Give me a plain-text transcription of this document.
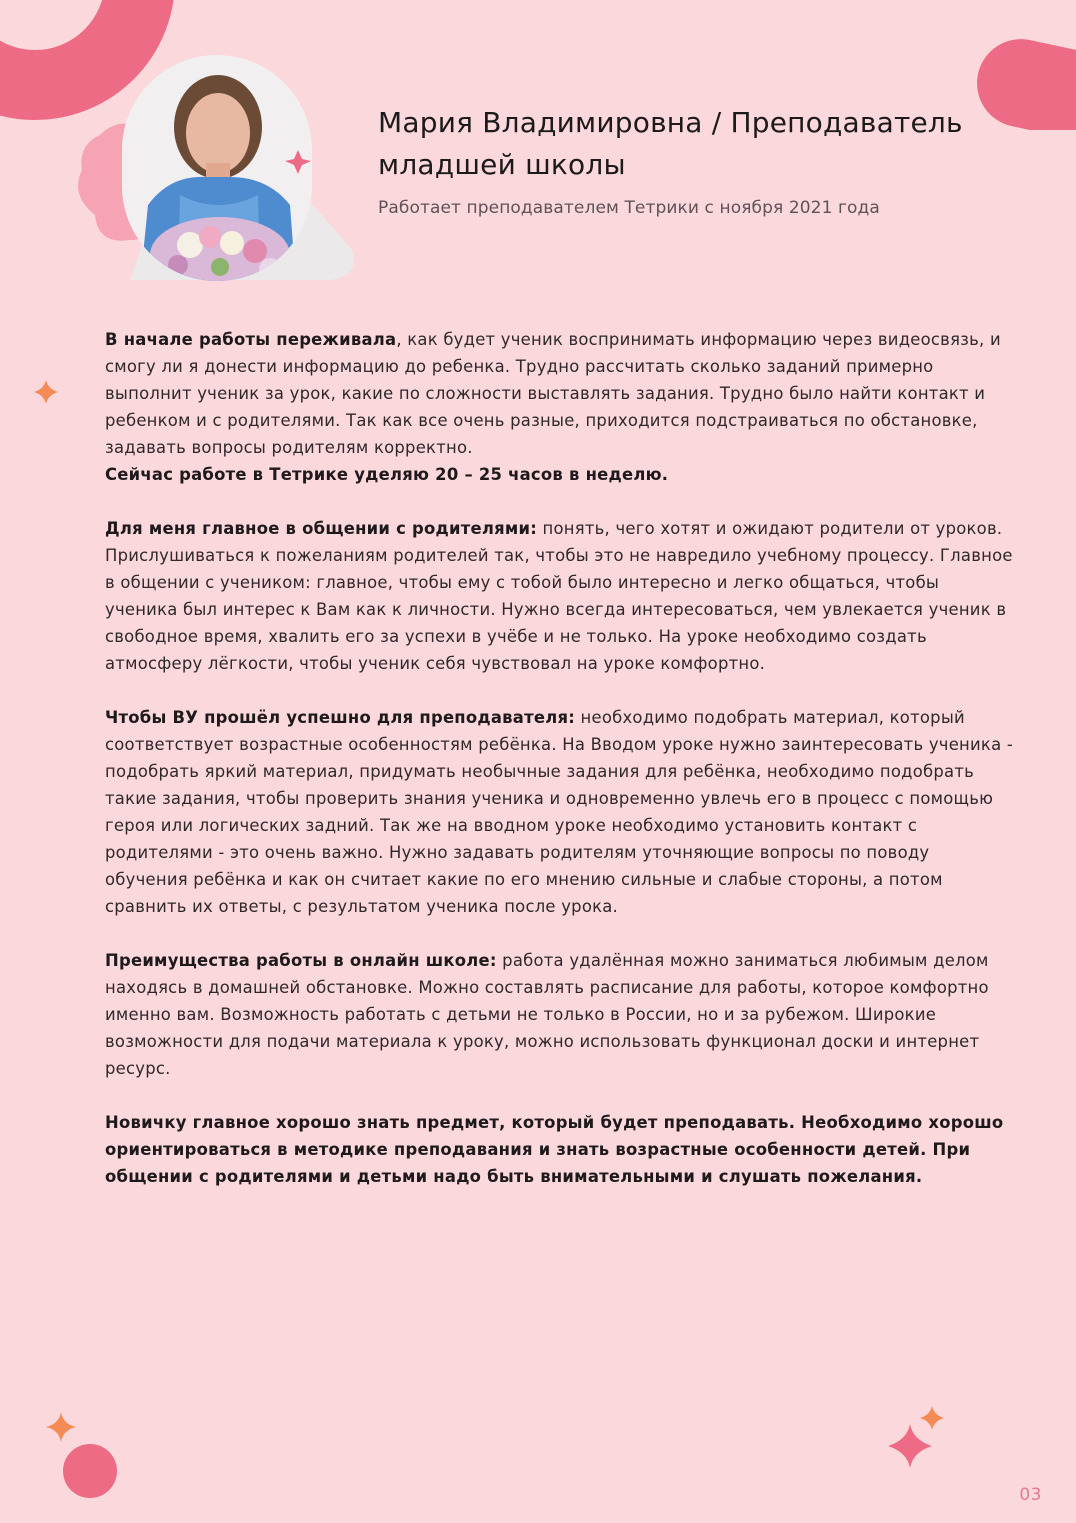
Мария Владимировна / Преподаватель младшей школы
Работает преподавателем Тетрики с ноября 2021 года

В начале работы переживала, как будет ученик воспринимать информацию через видеосвязь, и смогу ли я донести информацию до ребенка. Трудно рассчитать сколько заданий примерно выполнит ученик за урок, какие по сложности выставлять задания. Трудно было найти контакт и ребенком и с родителями. Так как все очень разные, приходится подстраиваться по обстановке, задавать вопросы родителям корректно.
Сейчас работе в Тетрике уделяю 20 – 25 часов в неделю.

Для меня главное в общении с родителями: понять, чего хотят и ожидают родители от уроков. Прислушиваться к пожеланиям родителей так, чтобы это не навредило учебному процессу. Главное в общении с учеником: главное, чтобы ему с тобой было интересно и легко общаться, чтобы ученика был интерес к Вам как к личности. Нужно всегда интересоваться, чем увлекается ученик в свободное время, хвалить его за успехи в учёбе и не только. На уроке необходимо создать атмосферу лёгкости, чтобы ученик себя чувствовал на уроке комфортно.

Чтобы ВУ прошёл успешно для преподавателя: необходимо подобрать материал, который соответствует возрастные особенностям ребёнка. На Вводом уроке нужно заинтересовать ученика - подобрать яркий материал, придумать необычные задания для ребёнка, необходимо подобрать такие задания, чтобы проверить знания ученика и одновременно увлечь его в процесс с помощью героя или логических задний. Так же на вводном уроке необходимо установить контакт с родителями - это очень важно. Нужно задавать родителям уточняющие вопросы по поводу обучения ребёнка и как он считает какие по его мнению сильные и слабые стороны, а потом сравнить их ответы, с результатом ученика после урока.

Преимущества работы в онлайн школе: работа удалённая можно заниматься любимым делом находясь в домашней обстановке. Можно составлять расписание для работы, которое комфортно именно вам. Возможность работать с детьми не только в России, но и за рубежом. Широкие возможности для подачи материала к уроку, можно использовать функционал доски и интернет ресурс.

Новичку главное хорошо знать предмет, который будет преподавать. Необходимо хорошо ориентироваться в методике преподавания и знать возрастные особенности детей. При общении с родителями и детьми надо быть внимательными и слушать пожелания.

03
